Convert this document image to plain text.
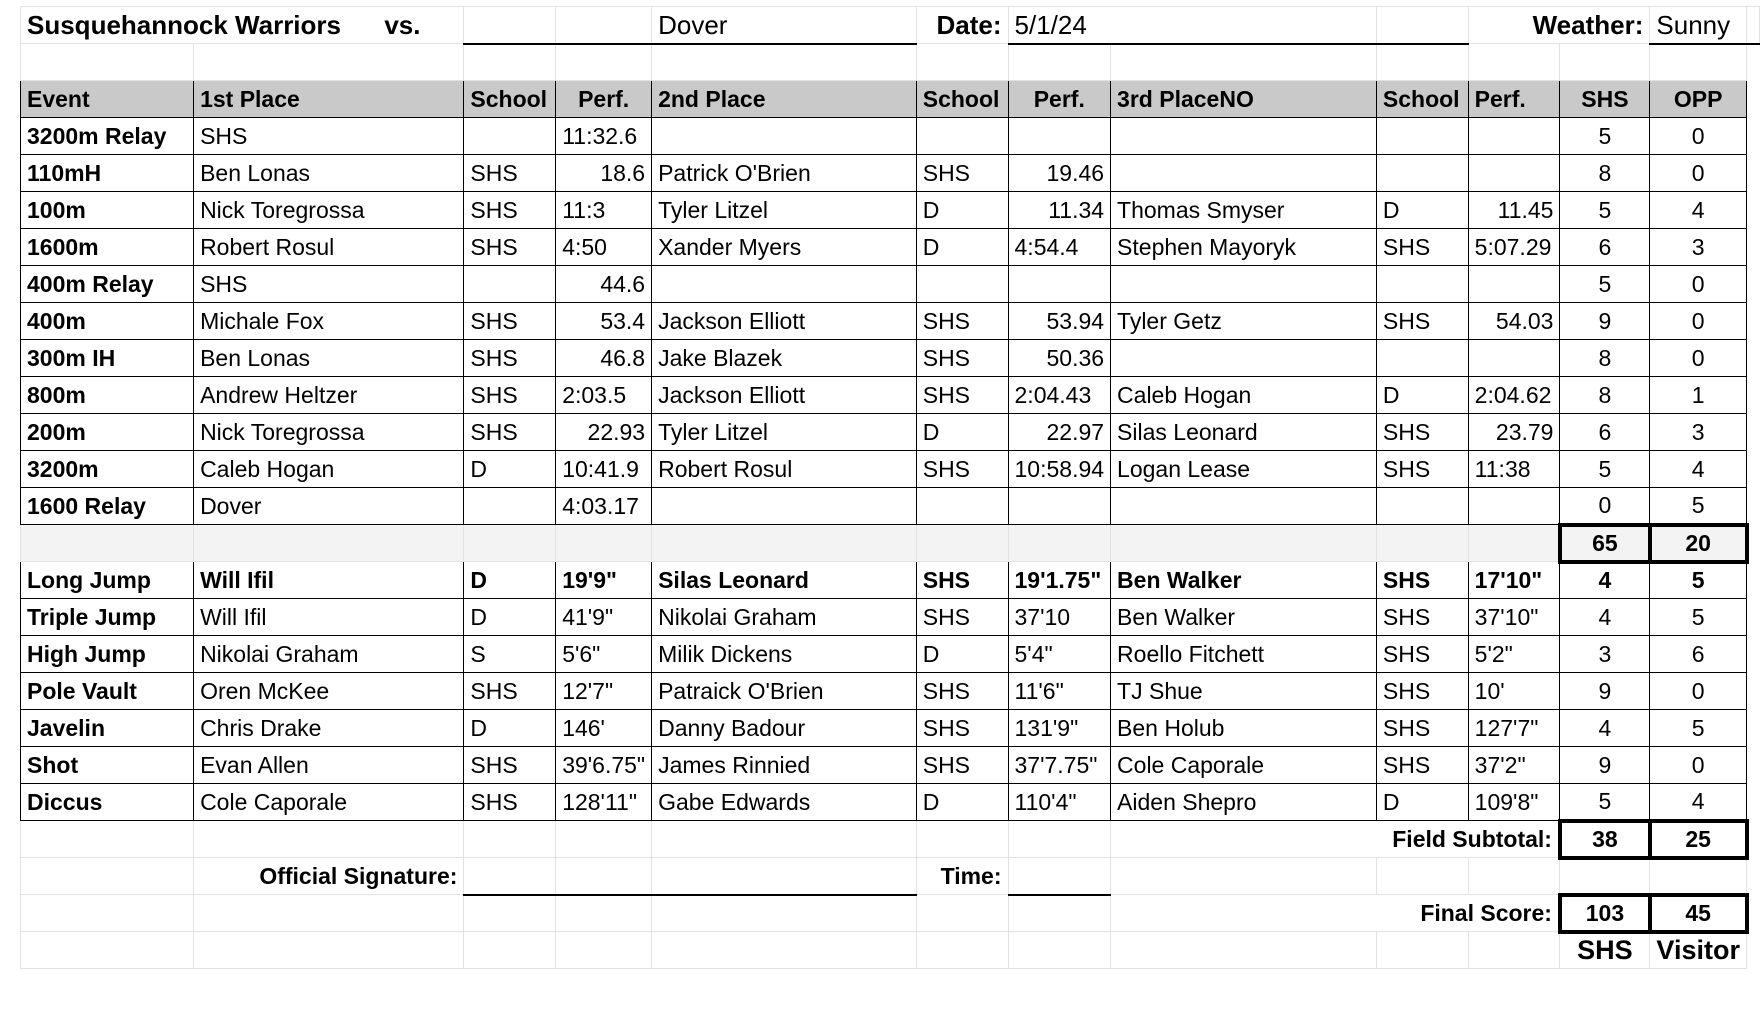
Susquehannock Warriors vs.				Dover	Date:	5/1/24			Weather:		Sunny	

Event	1st Place	School	Perf.	2nd Place	School	Perf.	3rd PlaceNO	School	Perf.	SHS	OPP	
3200m Relay	SHS		11:32.6							5	0	
110mH	Ben Lonas	SHS	18.6	Patrick O'Brien	SHS	19.46				8	0	
100m	Nick Toregrossa	SHS	11:3	Tyler Litzel	D	11.34	Thomas Smyser	D	11.45	5	4	
1600m	Robert Rosul	SHS	4:50	Xander Myers	D	4:54.4	Stephen Mayoryk	SHS	5:07.29	6	3	
400m Relay	SHS		44.6							5	0	
400m	Michale Fox	SHS	53.4	Jackson Elliott	SHS	53.94	Tyler Getz	SHS	54.03	9	0	
300m IH	Ben Lonas	SHS	46.8	Jake Blazek	SHS	50.36				8	0	
800m	Andrew Heltzer	SHS	2:03.5	Jackson Elliott	SHS	2:04.43	Caleb Hogan	D	2:04.62	8	1	
200m	Nick Toregrossa	SHS	22.93	Tyler Litzel	D	22.97	Silas Leonard	SHS	23.79	6	3	
3200m	Caleb Hogan	D	10:41.9	Robert Rosul	SHS	10:58.94	Logan Lease	SHS	11:38	5	4	
1600 Relay	Dover		4:03.17							0	5	
										65	20	
Long Jump	Will Ifil	D	19'9"	Silas Leonard	SHS	19'1.75"	Ben Walker	SHS	17'10"	4	5	
Triple Jump	Will Ifil	D	41'9"	Nikolai Graham	SHS	37'10	Ben Walker	SHS	37'10"	4	5	
High Jump	Nikolai Graham	S	5'6"	Milik Dickens	D	5'4"	Roello Fitchett	SHS	5'2"	3	6	
Pole Vault	Oren McKee	SHS	12'7"	Patraick O'Brien	SHS	11'6"	TJ Shue	SHS	10'	9	0	
Javelin	Chris Drake	D	146'	Danny Badour	SHS	131'9"	Ben Holub	SHS	127'7"	4	5	
Shot	Evan Allen	SHS	39'6.75"	James Rinnied	SHS	37'7.75"	Cole Caporale	SHS	37'2"	9	0	
Diccus	Cole Caporale	SHS	128'11"	Gabe Edwards	D	110'4"	Aiden Shepro	D	109'8"	5	4	
							Field Subtotal:			38	25	
	Official Signature:				Time:							
							Final Score:			103	45	
										SHS	Visitor	
